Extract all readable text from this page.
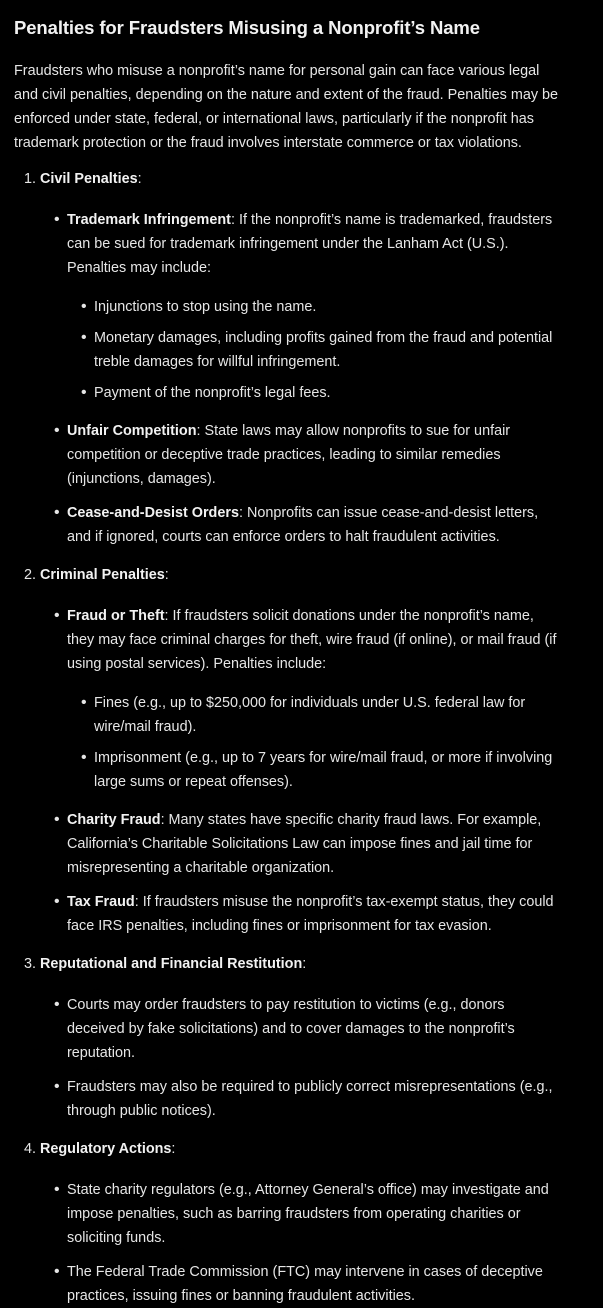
Penalties for Fraudsters Misusing a Nonprofit’s Name

Fraudsters who misuse a nonprofit’s name for personal gain can face various legal and civil penalties, depending on the nature and extent of the fraud. Penalties may be enforced under state, federal, or international laws, particularly if the nonprofit has trademark protection or the fraud involves interstate commerce or tax violations.

1. Civil Penalties:
• Trademark Infringement: If the nonprofit’s name is trademarked, fraudsters can be sued for trademark infringement under the Lanham Act (U.S.). Penalties may include:
• Injunctions to stop using the name.
• Monetary damages, including profits gained from the fraud and potential treble damages for willful infringement.
• Payment of the nonprofit’s legal fees.
• Unfair Competition: State laws may allow nonprofits to sue for unfair competition or deceptive trade practices, leading to similar remedies (injunctions, damages).
• Cease-and-Desist Orders: Nonprofits can issue cease-and-desist letters, and if ignored, courts can enforce orders to halt fraudulent activities.
2. Criminal Penalties:
• Fraud or Theft: If fraudsters solicit donations under the nonprofit’s name, they may face criminal charges for theft, wire fraud (if online), or mail fraud (if using postal services). Penalties include:
• Fines (e.g., up to $250,000 for individuals under U.S. federal law for wire/mail fraud).
• Imprisonment (e.g., up to 7 years for wire/mail fraud, or more if involving large sums or repeat offenses).
• Charity Fraud: Many states have specific charity fraud laws. For example, California’s Charitable Solicitations Law can impose fines and jail time for misrepresenting a charitable organization.
• Tax Fraud: If fraudsters misuse the nonprofit’s tax-exempt status, they could face IRS penalties, including fines or imprisonment for tax evasion.
3. Reputational and Financial Restitution:
• Courts may order fraudsters to pay restitution to victims (e.g., donors deceived by fake solicitations) and to cover damages to the nonprofit’s reputation.
• Fraudsters may also be required to publicly correct misrepresentations (e.g., through public notices).
4. Regulatory Actions:
• State charity regulators (e.g., Attorney General’s office) may investigate and impose penalties, such as barring fraudsters from operating charities or soliciting funds.
• The Federal Trade Commission (FTC) may intervene in cases of deceptive practices, issuing fines or banning fraudulent activities.
